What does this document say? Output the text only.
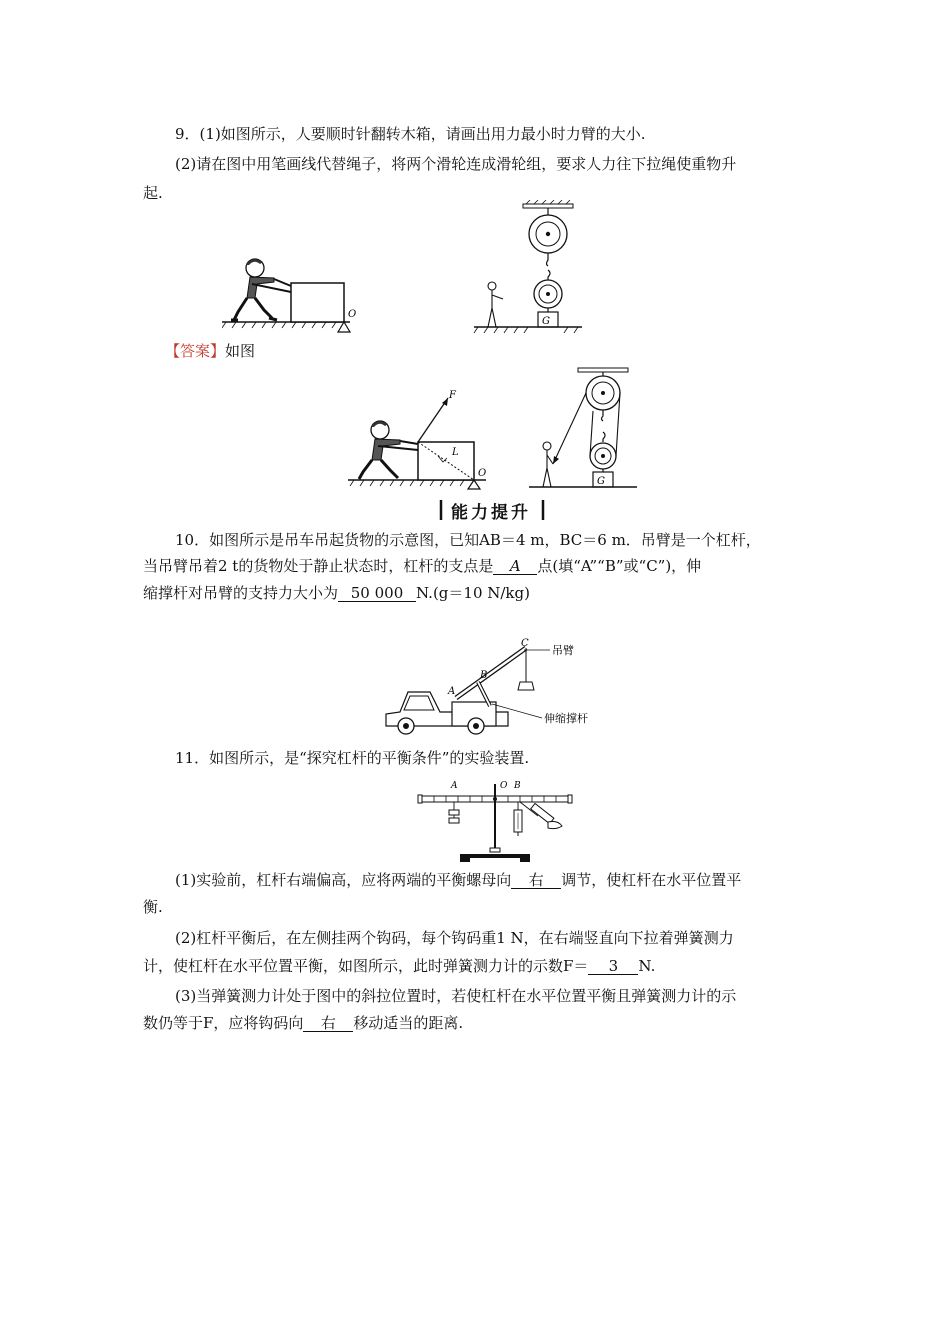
9．(1)如图所示，人要顺时针翻转木箱，请画出用力最小时力臂的大小.
(2)请在图中用笔画线代替绳子，将两个滑轮连成滑轮组，要求人力往下拉绳使重物升
起.
O
G
【答案】如图
F
L
O
G
能力提升
10．如图所示是吊车吊起货物的示意图，已知AB＝4 m，BC＝6 m．吊臂是一个杠杆，
当吊臂吊着2 t的货物处于静止状态时，杠杆的支点是 A 点(填“A”“B”或“C”)，伸
缩撑杆对吊臂的支持力大小为 50 000 N.(g＝10 N/kg)
A
B
C
吊臂
伸缩撑杆
11．如图所示，是“探究杠杆的平衡条件”的实验装置.
A	O B
(1)实验前，杠杆右端偏高，应将两端的平衡螺母向 右 调节，使杠杆在水平位置平
衡.
(2)杠杆平衡后，在左侧挂两个钩码，每个钩码重1 N，在右端竖直向下拉着弹簧测力
计，使杠杆在水平位置平衡，如图所示，此时弹簧测力计的示数F＝ 3 N.
(3)当弹簧测力计处于图中的斜拉位置时，若使杠杆在水平位置平衡且弹簧测力计的示
数仍等于F，应将钩码向 右 移动适当的距离.
